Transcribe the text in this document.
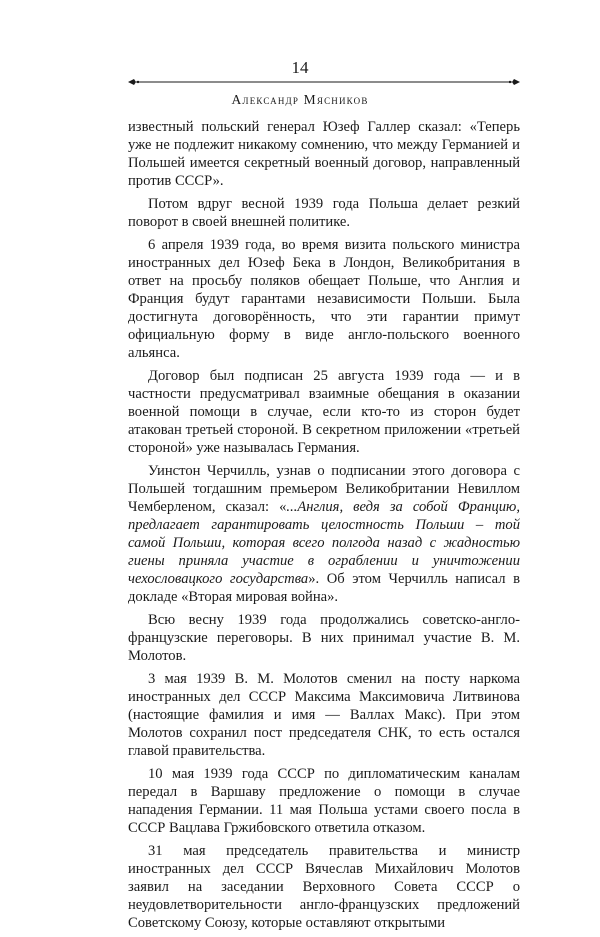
14
Александр Мясников

известный польский генерал Юзеф Галлер сказал: «Теперь уже не подлежит никакому сомнению, что между Германией и Польшей имеется секретный военный договор, направленный против СССР».

Потом вдруг весной 1939 года Польша делает резкий поворот в своей внешней политике.

6 апреля 1939 года, во время визита польского министра иностранных дел Юзеф Бека в Лондон, Великобритания в ответ на просьбу поляков обещает Польше, что Англия и Франция будут гарантами независимости Польши. Была достигнута договорённость, что эти гарантии примут официальную форму в виде англо-польского военного альянса.

Договор был подписан 25 августа 1939 года — и в частности предусматривал взаимные обещания в оказании военной помощи в случае, если кто-то из сторон будет атакован третьей стороной. В секретном приложении «третьей стороной» уже называлась Германия.

Уинстон Черчилль, узнав о подписании этого договора с Польшей тогдашним премьером Великобритании Невиллом Чемберленом, сказал: «...Англия, ведя за собой Францию, предлагает гарантировать целостность Польши – той самой Польши, которая всего полгода назад с жадностью гиены приняла участие в ограблении и уничтожении чехословацкого государства». Об этом Черчилль написал в докладе «Вторая мировая война».

Всю весну 1939 года продолжались советско-англо-французские переговоры. В них принимал участие В. М. Молотов.

3 мая 1939 В. М. Молотов сменил на посту наркома иностранных дел СССР Максима Максимовича Литвинова (настоящие фамилия и имя — Валлах Макс). При этом Молотов сохранил пост председателя СНК, то есть остался главой правительства.

10 мая 1939 года СССР по дипломатическим каналам передал в Варшаву предложение о помощи в случае нападения Германии. 11 мая Польша устами своего посла в СССР Вацлава Гржибовского ответила отказом.

31 мая председатель правительства и министр иностранных дел СССР Вячеслав Михайлович Молотов заявил на заседании Верховного Совета СССР о неудовлетворительности англо-французских предложений Советскому Союзу, которые оставляют открытыми
